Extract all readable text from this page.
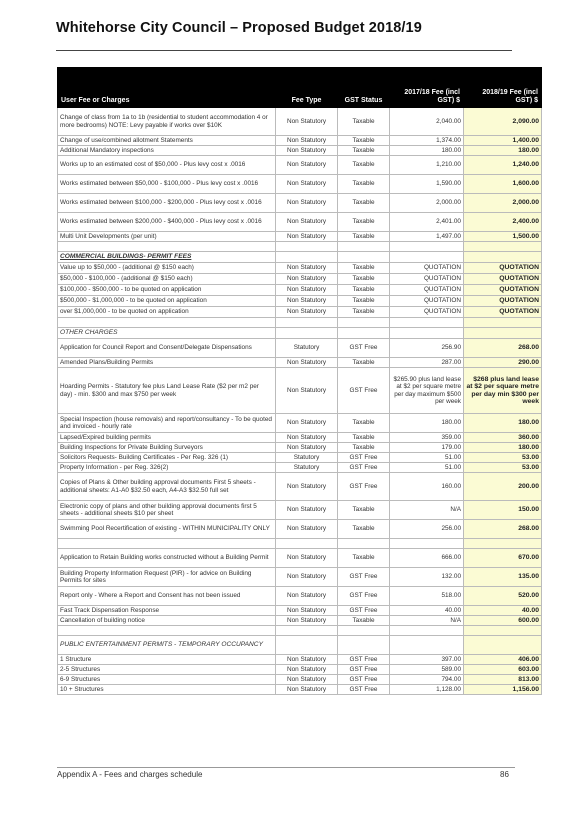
Whitehorse City Council – Proposed Budget 2018/19
User Fee or Charges	Fee Type	GST Status	2017/18 Fee (incl GST) $	2018/19 Fee (incl GST) $
Change of class from 1a to 1b (residential to student accommodation 4 or more bedrooms) NOTE: Levy payable if works over $10K	Non Statutory	Taxable	2,040.00	2,090.00
Change of use/combined allotment Statements	Non Statutory	Taxable	1,374.00	1,400.00
Additional Mandatory inspections	Non Statutory	Taxable	180.00	180.00
Works up to an estimated cost of $50,000 - Plus levy cost x .0016	Non Statutory	Taxable	1,210.00	1,240.00
Works estimated between $50,000 - $100,000 - Plus levy cost x .0016	Non Statutory	Taxable	1,590.00	1,600.00
Works estimated between $100,000 - $200,000 - Plus levy cost x .0016	Non Statutory	Taxable	2,000.00	2,000.00
Works estimated between $200,000 - $400,000 - Plus levy cost x .0016	Non Statutory	Taxable	2,401.00	2,400.00
Multi Unit Developments (per unit)	Non Statutory	Taxable	1,497.00	1,500.00

COMMERCIAL BUILDINGS- PERMIT FEES				
Value up to $50,000 - (additional @ $150 each)	Non Statutory	Taxable	QUOTATION	QUOTATION
$50,000 - $100,000 - (additional @ $150 each)	Non Statutory	Taxable	QUOTATION	QUOTATION
$100,000 - $500,000 - to be quoted on application	Non Statutory	Taxable	QUOTATION	QUOTATION
$500,000 - $1,000,000 - to be quoted on application	Non Statutory	Taxable	QUOTATION	QUOTATION
over $1,000,000 - to be quoted on application	Non Statutory	Taxable	QUOTATION	QUOTATION

OTHER CHARGES				
Application for Council Report and Consent/Delegate Dispensations	Statutory	GST Free	256.90	268.00
Amended Plans/Building Permits	Non Statutory	Taxable	287.00	290.00
Hoarding Permits - Statutory fee plus Land Lease Rate ($2 per m2 per day) - min. $300 and max $750 per week	Non Statutory	GST Free	$265.90 plus land lease at $2 per square metre per day maximum $500 per week	$268 plus land lease at $2 per square metre per day min $300 per week
Special Inspection (house removals) and report/consultancy - To be quoted and invoiced - hourly rate	Non Statutory	Taxable	180.00	180.00
Lapsed/Expired building permits	Non Statutory	Taxable	359.00	360.00
Building Inspections for Private Building Surveyors	Non Statutory	Taxable	179.00	180.00
Solicitors Requests- Building Certificates - Per Reg. 326 (1)	Statutory	GST Free	51.00	53.00
Property Information - per Reg. 326(2)	Statutory	GST Free	51.00	53.00
Copies of Plans & Other building approval documents First 5 sheets - additional sheets: A1-A0 $32.50 each, A4-A3 $32.50 full set	Non Statutory	GST Free	160.00	200.00
Electronic copy of plans and other building approval documents first 5 sheets - additional sheets $10 per sheet	Non Statutory	Taxable	N/A	150.00
Swimming Pool Recertification of existing - WITHIN MUNICIPALITY ONLY	Non Statutory	Taxable	256.00	268.00

Application to Retain Building works constructed without a Building Permit	Non Statutory	Taxable	666.00	670.00
Building Property Information Request (PIR) - for advice on Building Permits for sites	Non Statutory	GST Free	132.00	135.00
Report only - Where a Report and Consent has not been issued	Non Statutory	GST Free	518.00	520.00
Fast Track Dispensation Response	Non Statutory	GST Free	40.00	40.00
Cancellation of building notice	Non Statutory	Taxable	N/A	600.00

PUBLIC ENTERTAINMENT PERMITS - TEMPORARY OCCUPANCY				
1 Structure	Non Statutory	GST Free	397.00	406.00
2-5 Structures	Non Statutory	GST Free	589.00	603.00
6-9 Structures	Non Statutory	GST Free	794.00	813.00
10 + Structures	Non Statutory	GST Free	1,128.00	1,156.00
Appendix A - Fees and charges schedule	86
